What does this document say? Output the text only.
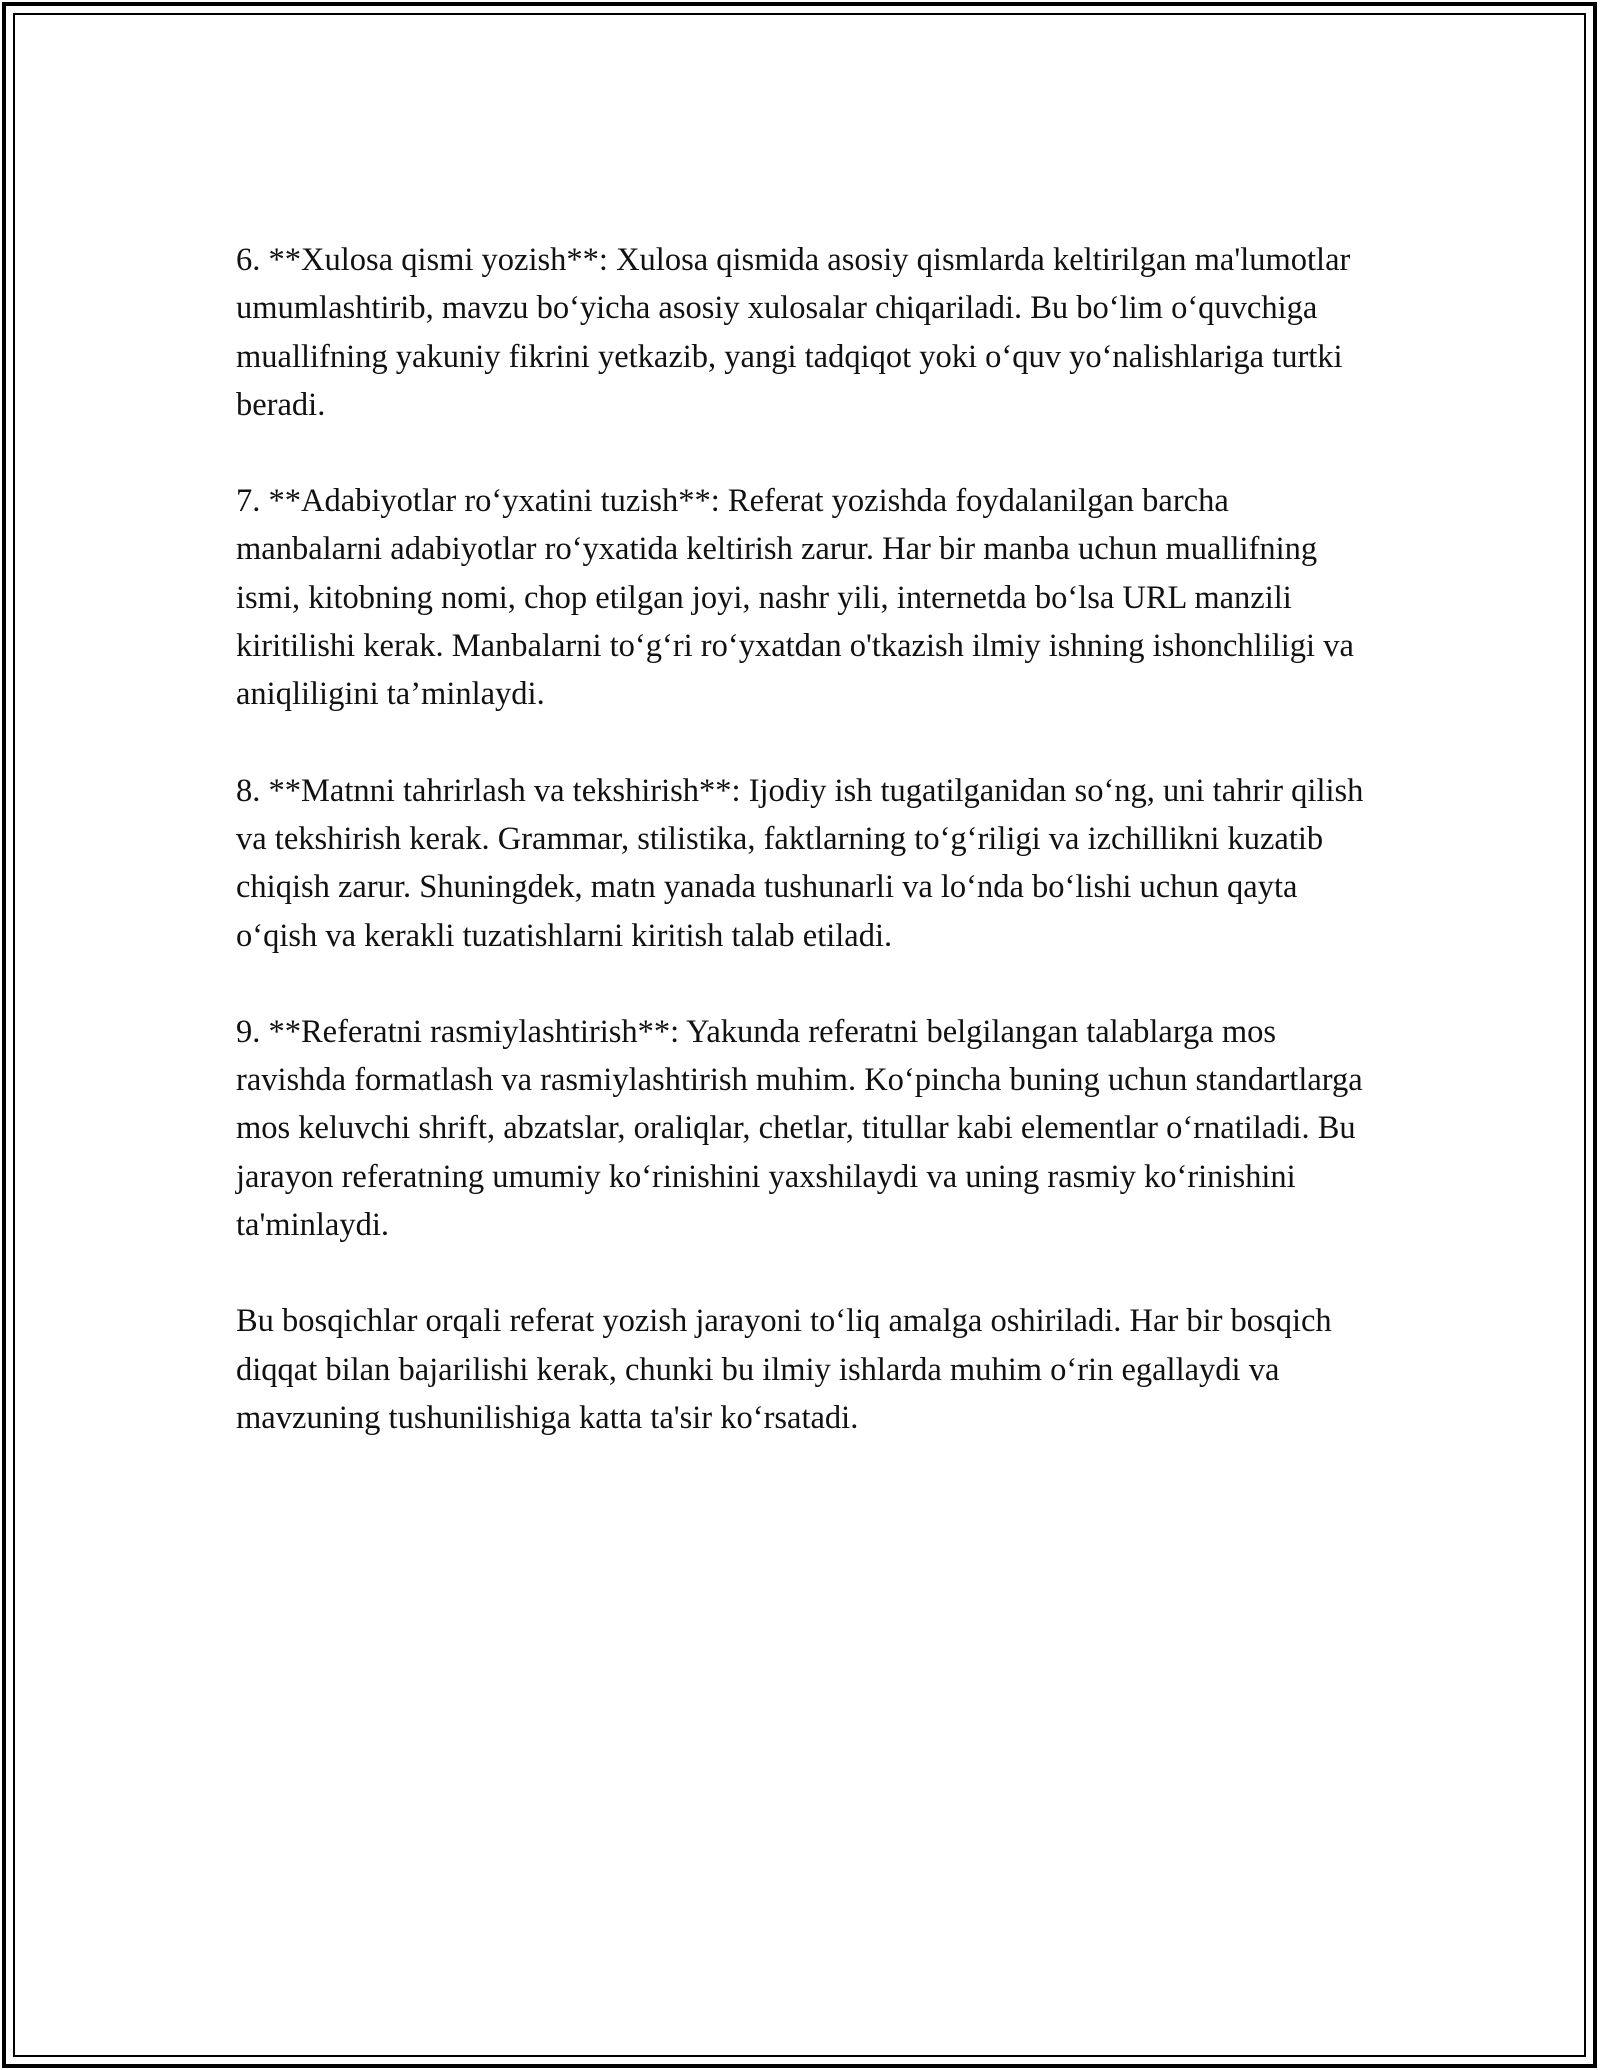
6. **Xulosa qismi yozish**: Xulosa qismida asosiy qismlarda keltirilgan ma'lumotlar umumlashtirib, mavzu bo‘yicha asosiy xulosalar chiqariladi. Bu bo‘lim o‘quvchiga muallifning yakuniy fikrini yetkazib, yangi tadqiqot yoki o‘quv yo‘nalishlariga turtki beradi.

7. **Adabiyotlar ro‘yxatini tuzish**: Referat yozishda foydalanilgan barcha manbalarni adabiyotlar ro‘yxatida keltirish zarur. Har bir manba uchun muallifning ismi, kitobning nomi, chop etilgan joyi, nashr yili, internetda bo‘lsa URL manzili kiritilishi kerak. Manbalarni to‘g‘ri ro‘yxatdan o'tkazish ilmiy ishning ishonchliligi va aniqliligini ta’minlaydi.

8. **Matnni tahrirlash va tekshirish**: Ijodiy ish tugatilganidan so‘ng, uni tahrir qilish va tekshirish kerak. Grammar, stilistika, faktlarning to‘g‘riligi va izchillikni kuzatib chiqish zarur. Shuningdek, matn yanada tushunarli va lo‘nda bo‘lishi uchun qayta o‘qish va kerakli tuzatishlarni kiritish talab etiladi.

9. **Referatni rasmiylashtirish**: Yakunda referatni belgilangan talablarga mos ravishda formatlash va rasmiylashtirish muhim. Ko‘pincha buning uchun standartlarga mos keluvchi shrift, abzatslar, oraliqlar, chetlar, titullar kabi elementlar o‘rnatiladi. Bu jarayon referatning umumiy ko‘rinishini yaxshilaydi va uning rasmiy ko‘rinishini ta'minlaydi.

Bu bosqichlar orqali referat yozish jarayoni to‘liq amalga oshiriladi. Har bir bosqich diqqat bilan bajarilishi kerak, chunki bu ilmiy ishlarda muhim o‘rin egallaydi va mavzuning tushunilishiga katta ta'sir ko‘rsatadi.
